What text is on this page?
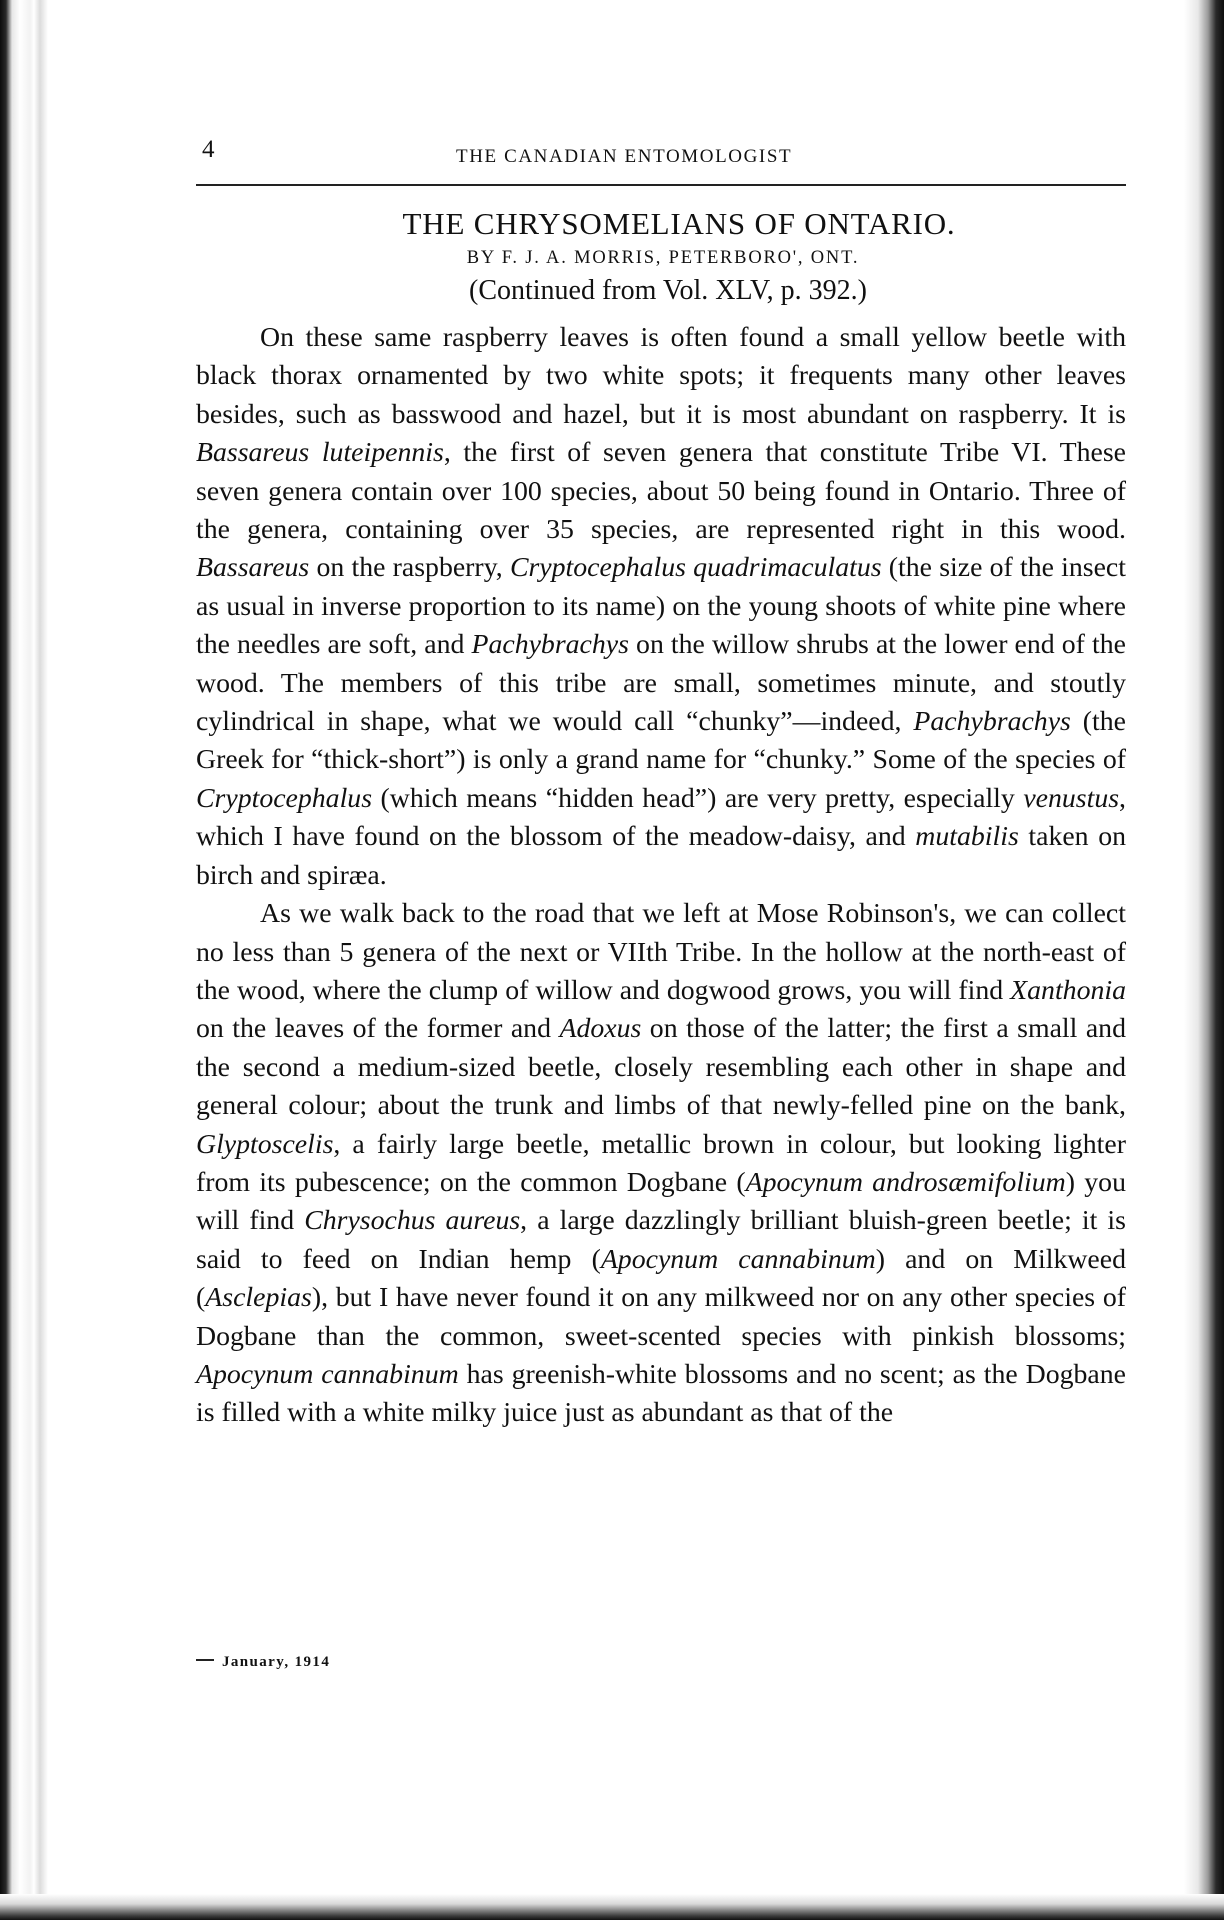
4	THE CANADIAN ENTOMOLOGIST
THE CHRYSOMELIANS OF ONTARIO.
BY F. J. A. MORRIS, PETERBORO', ONT.
(Continued from Vol. XLV, p. 392.)

On these same raspberry leaves is often found a small yellow beetle with black thorax ornamented by two white spots; it frequents many other leaves besides, such as basswood and hazel, but it is most abundant on raspberry. It is Bassareus luteipennis, the first of seven genera that constitute Tribe VI. These seven genera contain over 100 species, about 50 being found in Ontario. Three of the genera, containing over 35 species, are represented right in this wood. Bassareus on the raspberry, Cryptocephalus quadrimaculatus (the size of the insect as usual in inverse proportion to its name) on the young shoots of white pine where the needles are soft, and Pachybrachys on the willow shrubs at the lower end of the wood. The members of this tribe are small, sometimes minute, and stoutly cylindrical in shape, what we would call “chunky”—indeed, Pachybrachys (the Greek for “thick-short”) is only a grand name for “chunky.” Some of the species of Cryptocephalus (which means “hidden head”) are very pretty, especially venustus, which I have found on the blossom of the meadow-daisy, and mutabilis taken on birch and spiræa.

As we walk back to the road that we left at Mose Robinson's, we can collect no less than 5 genera of the next or VIIth Tribe. In the hollow at the north-east of the wood, where the clump of willow and dogwood grows, you will find Xanthonia on the leaves of the former and Adoxus on those of the latter; the first a small and the second a medium-sized beetle, closely resembling each other in shape and general colour; about the trunk and limbs of that newly-felled pine on the bank, Glyptoscelis, a fairly large beetle, metallic brown in colour, but looking lighter from its pubescence; on the common Dogbane (Apocynum androsæmifolium) you will find Chrysochus aureus, a large dazzlingly brilliant bluish-green beetle; it is said to feed on Indian hemp (Apocynum cannabinum) and on Milkweed (Asclepias), but I have never found it on any milkweed nor on any other species of Dogbane than the common, sweet-scented species with pinkish blossoms; Apocynum cannabinum has greenish-white blossoms and no scent; as the Dogbane is filled with a white milky juice just as abundant as that of the

January, 1914
